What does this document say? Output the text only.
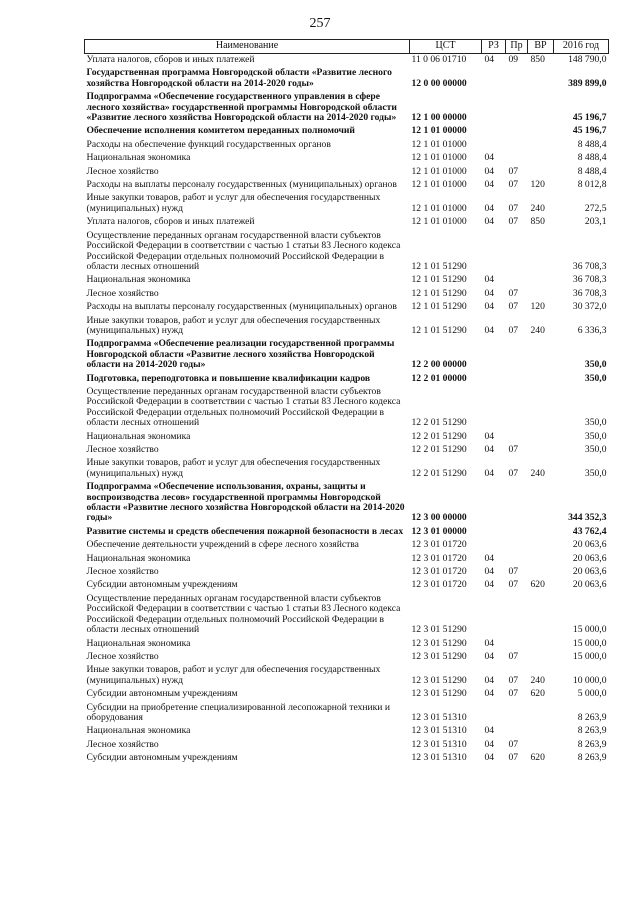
257
Наименование	ЦСТ	РЗ	Пр	ВР	2016 год
Уплата налогов, сборов и иных платежей	11 0 06 01710	04	09	850	148 790,0
Государственная программа Новгородской области «Развитие лесного хозяйства Новгородской области на 2014-2020 годы»	12 0 00 00000				389 899,0
Подпрограмма «Обеспечение государственного управления в сфере лесного хозяйства» государственной программы Новгородской области «Развитие лесного хозяйства Новгородской области на 2014-2020 годы»	12 1 00 00000				45 196,7
Обеспечение исполнения комитетом переданных полномочий	12 1 01 00000				45 196,7
Расходы на обеспечение функций государственных органов	12 1 01 01000				8 488,4
Национальная экономика	12 1 01 01000	04			8 488,4
Лесное хозяйство	12 1 01 01000	04	07		8 488,4
Расходы на выплаты персоналу государственных (муниципальных) органов	12 1 01 01000	04	07	120	8 012,8
Иные закупки товаров, работ и услуг для обеспечения государственных (муниципальных) нужд	12 1 01 01000	04	07	240	272,5
Уплата налогов, сборов и иных платежей	12 1 01 01000	04	07	850	203,1
Осуществление переданных органам государственной власти субъектов Российской Федерации в соответствии с частью 1 статьи 83 Лесного кодекса Российской Федерации отдельных полномочий Российской Федерации в области лесных отношений	12 1 01 51290				36 708,3
Национальная экономика	12 1 01 51290	04			36 708,3
Лесное хозяйство	12 1 01 51290	04	07		36 708,3
Расходы на выплаты персоналу государственных (муниципальных) органов	12 1 01 51290	04	07	120	30 372,0
Иные закупки товаров, работ и услуг для обеспечения государственных (муниципальных) нужд	12 1 01 51290	04	07	240	6 336,3
Подпрограмма «Обеспечение реализации государственной программы Новгородской области «Развитие лесного хозяйства Новгородской области на 2014-2020 годы»	12 2 00 00000				350,0
Подготовка, переподготовка и повышение квалификации кадров	12 2 01 00000				350,0
Осуществление переданных органам государственной власти субъектов Российской Федерации в соответствии с частью 1 статьи 83 Лесного кодекса Российской Федерации отдельных полномочий Российской Федерации в области лесных отношений	12 2 01 51290				350,0
Национальная экономика	12 2 01 51290	04			350,0
Лесное хозяйство	12 2 01 51290	04	07		350,0
Иные закупки товаров, работ и услуг для обеспечения государственных (муниципальных) нужд	12 2 01 51290	04	07	240	350,0
Подпрограмма «Обеспечение использования, охраны, защиты и воспроизводства лесов» государственной программы Новгородской области «Развитие лесного хозяйства Новгородской области на 2014-2020 годы»	12 3 00 00000				344 352,3
Развитие системы и средств обеспечения пожарной безопасности в лесах	12 3 01 00000				43 762,4
Обеспечение деятельности учреждений в сфере лесного хозяйства	12 3 01 01720				20 063,6
Национальная экономика	12 3 01 01720	04			20 063,6
Лесное хозяйство	12 3 01 01720	04	07		20 063,6
Субсидии автономным учреждениям	12 3 01 01720	04	07	620	20 063,6
Осуществление переданных органам государственной власти субъектов Российской Федерации в соответствии с частью 1 статьи 83 Лесного кодекса Российской Федерации отдельных полномочий Российской Федерации в области лесных отношений	12 3 01 51290				15 000,0
Национальная экономика	12 3 01 51290	04			15 000,0
Лесное хозяйство	12 3 01 51290	04	07		15 000,0
Иные закупки товаров, работ и услуг для обеспечения государственных (муниципальных) нужд	12 3 01 51290	04	07	240	10 000,0
Субсидии автономным учреждениям	12 3 01 51290	04	07	620	5 000,0
Субсидии на приобретение специализированной лесопожарной техники и оборудования	12 3 01 51310				8 263,9
Национальная экономика	12 3 01 51310	04			8 263,9
Лесное хозяйство	12 3 01 51310	04	07		8 263,9
Субсидии автономным учреждениям	12 3 01 51310	04	07	620	8 263,9
